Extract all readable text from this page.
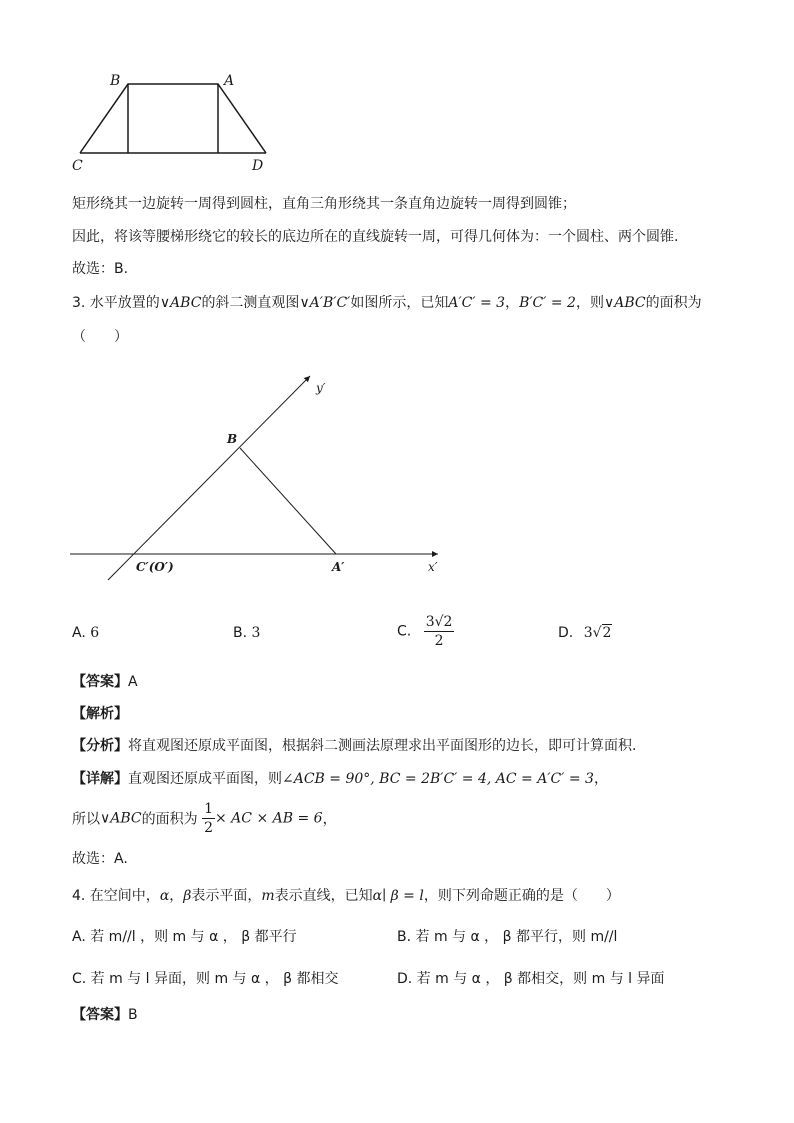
B	A
C	D
矩形绕其一边旋转一周得到圆柱，直角三角形绕其一条直角边旋转一周得到圆锥；
因此，将该等腰梯形绕它的较长的底边所在的直线旋转一周，可得几何体为：一个圆柱、两个圆锥.
故选：B.
3. 水平放置的∨ABC的斜二测直观图∨A′B′C′如图所示，已知A′C′ = 3，B′C′ = 2，则∨ABC的面积为
（　　）
B
C′(O′)	A′	x′
y′
A. 6	B. 3	C. $\frac{3√2}{2}$	D. 3√2
【答案】A
【解析】
【分析】将直观图还原成平面图，根据斜二测画法原理求出平面图形的边长，即可计算面积.
【详解】直观图还原成平面图，则∠ACB = 90°, BC = 2B′C′ = 4, AC = A′C′ = 3，
所以∨ABC的面积为 $\frac{1}{2}$ × AC × AB = 6，
故选：A.
4. 在空间中，α，β表示平面，m表示直线，已知α∣ β = l，则下列命题正确的是（　　）
A. 若 m//l ，则 m 与 α ， β 都平行	B. 若 m 与 α ， β 都平行，则 m//l
C. 若 m 与 l 异面，则 m 与 α ， β 都相交	D. 若 m 与 α ， β 都相交，则 m 与 l 异面
【答案】B
